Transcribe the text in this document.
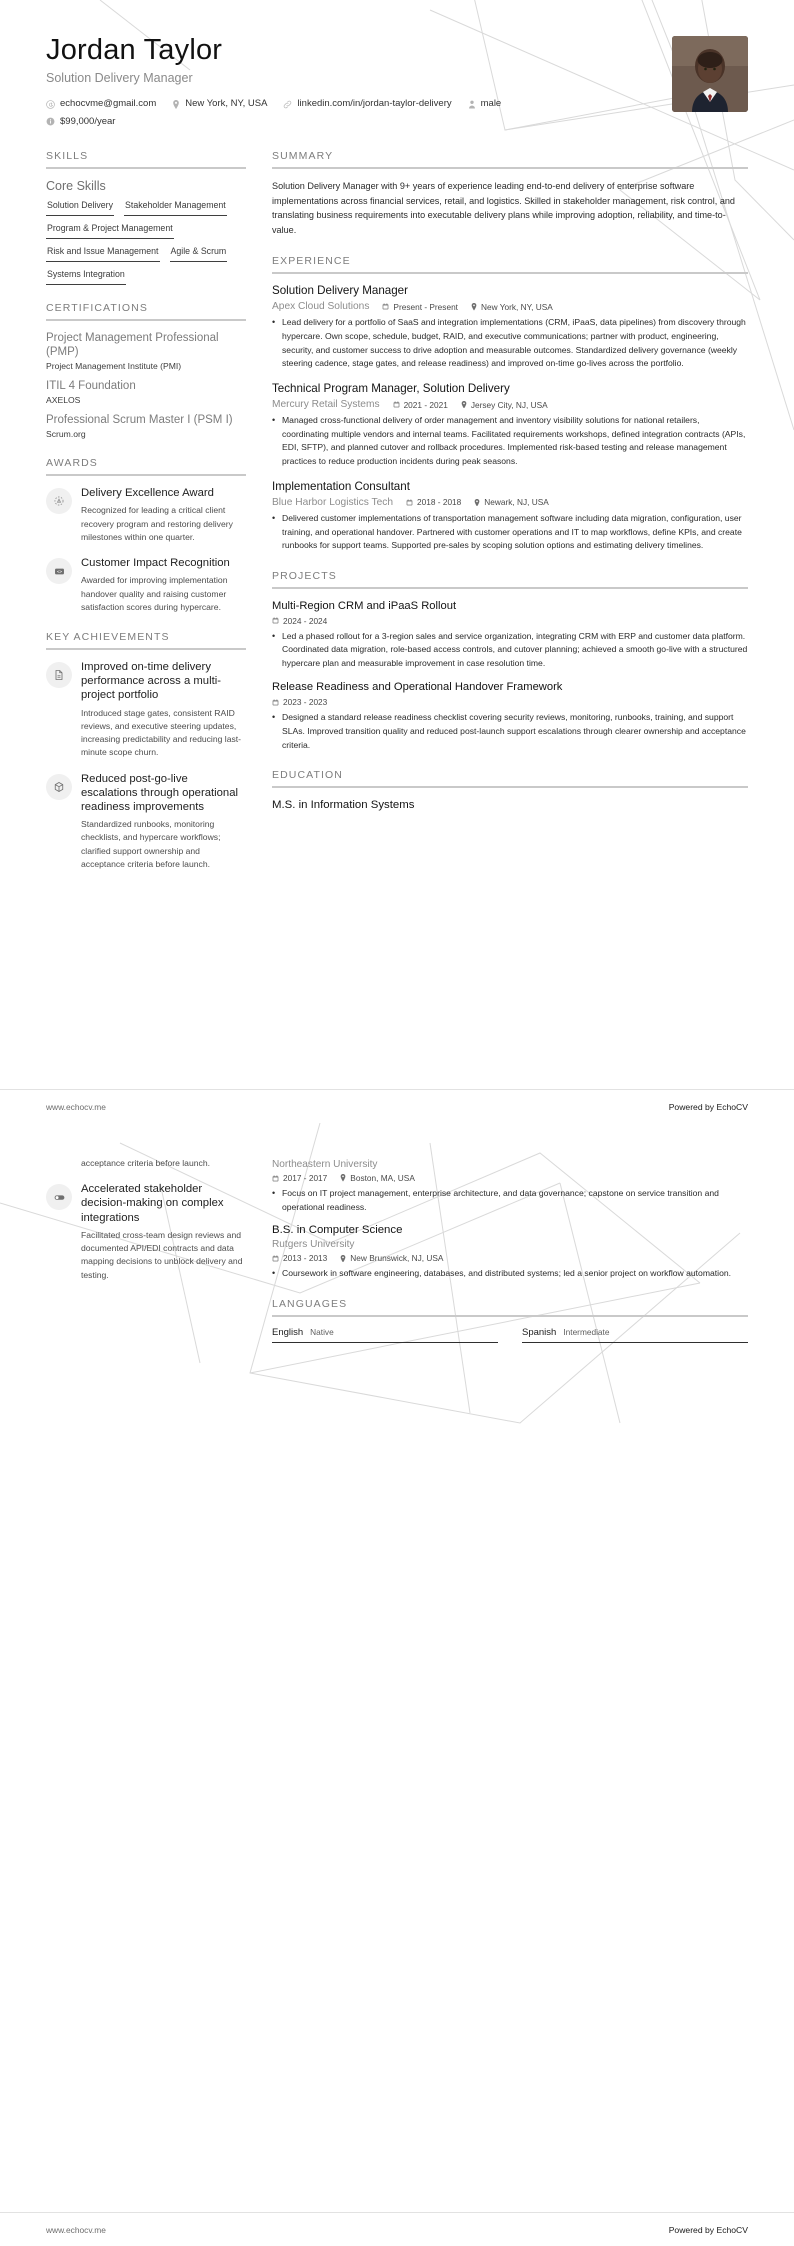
Jordan Taylor
Solution Delivery Manager
echocvme@gmail.com	New York, NY, USA	linkedin.com/in/jordan-taylor-delivery	male
$99,000/year
SKILLS
Core Skills
Solution Delivery Stakeholder Management
Program & Project Management
Risk and Issue Management Agile & Scrum
Systems Integration
CERTIFICATIONS
Project Management Professional (PMP)
Project Management Institute (PMI)
ITIL 4 Foundation
AXELOS
Professional Scrum Master I (PSM I)
Scrum.org
AWARDS
Delivery Excellence Award
Recognized for leading a critical client recovery program and restoring delivery milestones within one quarter.
<>
Customer Impact Recognition
Awarded for improving implementation handover quality and raising customer satisfaction scores during hypercare.
KEY ACHIEVEMENTS
Improved on-time delivery performance across a multi-project portfolio
Introduced stage gates, consistent RAID reviews, and executive steering updates, increasing predictability and reducing last-minute scope churn.
Reduced post-go-live escalations through operational readiness improvements
Standardized runbooks, monitoring checklists, and hypercare workflows; clarified support ownership and acceptance criteria before launch.
SUMMARY
Solution Delivery Manager with 9+ years of experience leading end-to-end delivery of enterprise software implementations across financial services, retail, and logistics. Skilled in stakeholder management, risk control, and translating business requirements into executable delivery plans while improving adoption, reliability, and time-to-value.
EXPERIENCE
Solution Delivery Manager
Apex Cloud Solutions	Present - Present	New York, NY, USA
• Lead delivery for a portfolio of SaaS and integration implementations (CRM, iPaaS, data pipelines) from discovery through hypercare. Own scope, schedule, budget, RAID, and executive communications; partner with product, engineering, security, and customer success to drive adoption and measurable outcomes. Standardized delivery governance (weekly steering cadence, stage gates, and release readiness) and improved on-time go-lives across the portfolio.
Technical Program Manager, Solution Delivery
Mercury Retail Systems	2021 - 2021	Jersey City, NJ, USA
• Managed cross-functional delivery of order management and inventory visibility solutions for national retailers, coordinating multiple vendors and internal teams. Facilitated requirements workshops, defined integration contracts (APIs, EDI, SFTP), and planned cutover and rollback procedures. Implemented risk-based testing and release management practices to reduce production incidents during peak seasons.
Implementation Consultant
Blue Harbor Logistics Tech	2018 - 2018	Newark, NJ, USA
• Delivered customer implementations of transportation management software including data migration, configuration, user training, and operational handover. Partnered with customer operations and IT to map workflows, define KPIs, and create runbooks for support teams. Supported pre-sales by scoping solution options and estimating delivery timelines.
PROJECTS
Multi-Region CRM and iPaaS Rollout
2024 - 2024
• Led a phased rollout for a 3-region sales and service organization, integrating CRM with ERP and customer data platform. Coordinated data migration, role-based access controls, and cutover planning; achieved a smooth go-live with a structured hypercare plan and measurable improvement in case resolution time.
Release Readiness and Operational Handover Framework
2023 - 2023
• Designed a standard release readiness checklist covering security reviews, monitoring, runbooks, training, and support SLAs. Improved transition quality and reduced post-launch support escalations through clearer ownership and acceptance criteria.
EDUCATION
M.S. in Information Systems
www.echocv.me	Powered by EchoCV
acceptance criteria before launch.
Accelerated stakeholder decision-making on complex integrations
Facilitated cross-team design reviews and documented API/EDI contracts and data mapping decisions to unblock delivery and testing.
Northeastern University
2017 - 2017	Boston, MA, USA
• Focus on IT project management, enterprise architecture, and data governance; capstone on service transition and operational readiness.
B.S. in Computer Science
Rutgers University
2013 - 2013	New Brunswick, NJ, USA
• Coursework in software engineering, databases, and distributed systems; led a senior project on workflow automation.
LANGUAGES
English Native	Spanish Intermediate
www.echocv.me	Powered by EchoCV
